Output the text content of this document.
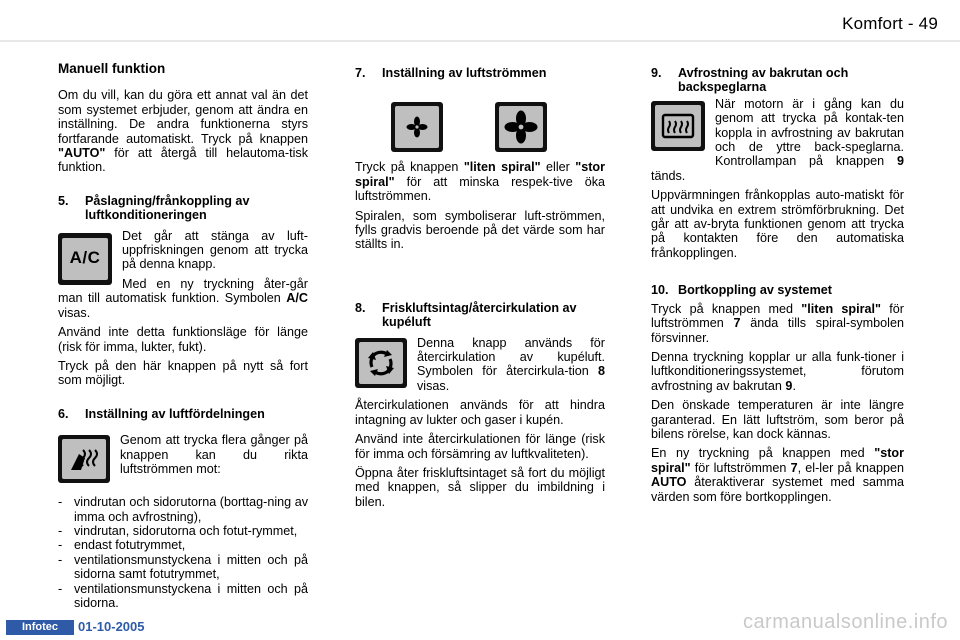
Komfort - 49
Manuell funktion

Om du vill, kan du göra ett annat val än det som systemet erbjuder, genom att ändra en inställning. De andra funktionerna styrs fortfarande automatiskt. Tryck på knappen "AUTO" för att återgå till helautoma-tisk funktion.

5.	Påslagning/frånkoppling av luftkonditioneringen
A/C

Det går att stänga av luft-uppfriskningen genom att trycka på denna knapp.

Med en ny tryckning åter-går man till automatisk funktion. Symbolen A/C visas.

Använd inte detta funktionsläge för länge (risk för imma, lukter, fukt).

Tryck på den här knappen på nytt så fort som möjligt.

6.	Inställning av luftfördelningen

Genom att trycka flera gånger på knappen kan du rikta luftströmmen mot:

- vindrutan och sidorutorna (borttag-ning av imma och avfrostning),
- vindrutan, sidorutorna och fotut-rymmet,
- endast fotutrymmet,
- ventilationsmunstyckena i mitten och på sidorna samt fotutrymmet,
- ventilationsmunstyckena i mitten och på sidorna.
7.	Inställning av luftströmmen

Tryck på knappen "liten spiral" eller "stor spiral" för att minska respek-tive öka luftströmmen.

Spiralen, som symboliserar luft-strömmen, fylls gradvis beroende på det värde som har ställts in.

8.	Friskluftsintag/återcirkulation av kupéluft

Denna knapp används för återcirkulation av kupéluft. Symbolen för återcirkula-tion 8 visas.

Återcirkulationen används för att hindra intagning av lukter och gaser i kupén.

Använd inte återcirkulationen för länge (risk för imma och försämring av luftkvaliteten).

Öppna åter friskluftsintaget så fort du möjligt med knappen, så slipper du imbildning i bilen.

9.	Avfrostning av bakrutan och backspeglarna

När motorn är i gång kan du genom att trycka på kontak-ten koppla in avfrostning av bakrutan och de yttre back-speglarna. Kontrollampan på knappen 9 tänds.

Uppvärmningen frånkopplas auto-matiskt för att undvika en extrem strömförbrukning. Det går att av-bryta funktionen genom att trycka på kontakten före den automatiska frånkopplingen.

10. Bortkoppling av systemet

Tryck på knappen med "liten spiral" för luftströmmen 7 ända tills spiral-symbolen försvinner.

Denna tryckning kopplar ur alla funk-tioner i luftkonditioneringssystemet, förutom avfrostning av bakrutan 9.

Den önskade temperaturen är inte längre garanterad. En lätt luftström, som beror på bilens rörelse, kan dock kännas.

En ny tryckning på knappen med "stor spiral" för luftströmmen 7, el-ler på knappen AUTO återaktiverar systemet med samma värden som före bortkopplingen.

Infotec	01-10-2005	carmanualsonline.info
